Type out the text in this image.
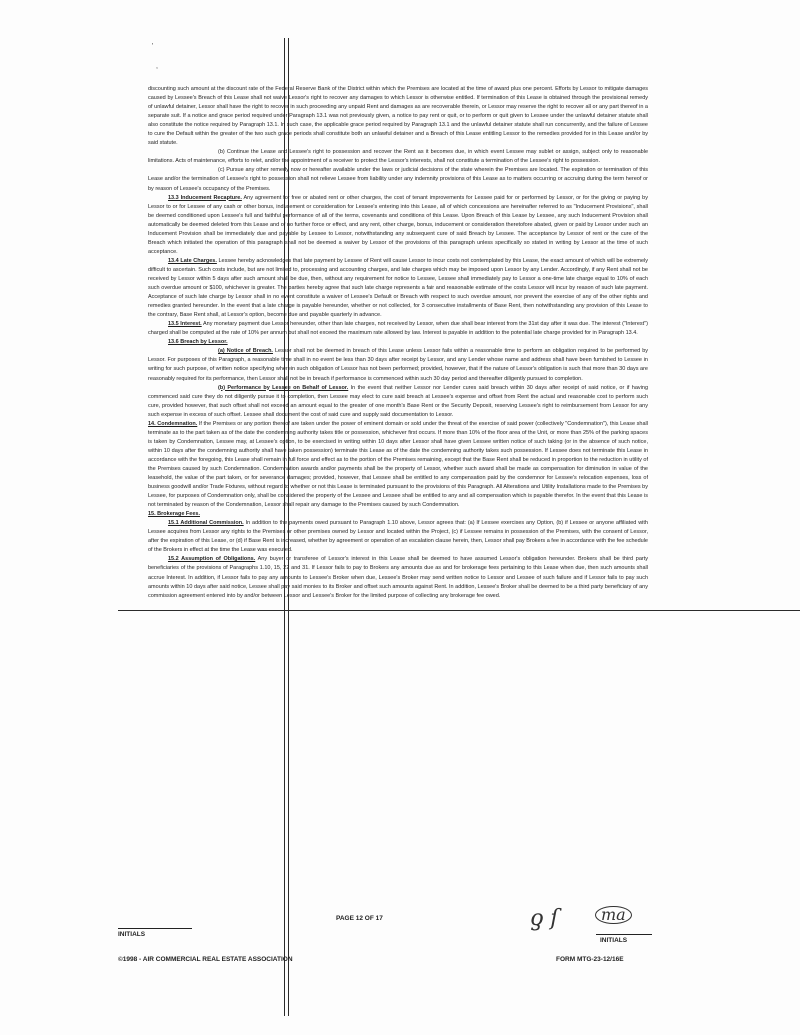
'
,

discounting such amount at the discount rate of the Federal Reserve Bank of the District within which the Premises are located at the time of award plus one percent. Efforts by Lessor to mitigate damages caused by Lessee's Breach of this Lease shall not waive Lessor's right to recover any damages to which Lessor is otherwise entitled. If termination of this Lease is obtained through the provisional remedy of unlawful detainer, Lessor shall have the right to recover in such proceeding any unpaid Rent and damages as are recoverable therein, or Lessor may reserve the right to recover all or any part thereof in a separate suit. If a notice and grace period required under Paragraph 13.1 was not previously given, a notice to pay rent or quit, or to perform or quit given to Lessee under the unlawful detainer statute shall also constitute the notice required by Paragraph 13.1. In such case, the applicable grace period required by Paragraph 13.1 and the unlawful detainer statute shall run concurrently, and the failure of Lessee to cure the Default within the greater of the two such grace periods shall constitute both an unlawful detainer and a Breach of this Lease entitling Lessor to the remedies provided for in this Lease and/or by said statute.

(b) Continue the Lease and Lessee's right to possession and recover the Rent as it becomes due, in which event Lessee may sublet or assign, subject only to reasonable limitations. Acts of maintenance, efforts to relet, and/or the appointment of a receiver to protect the Lessor's interests, shall not constitute a termination of the Lessee's right to possession.

(c) Pursue any other remedy now or hereafter available under the laws or judicial decisions of the state wherein the Premises are located. The expiration or termination of this Lease and/or the termination of Lessee's right to possession shall not relieve Lessee from liability under any indemnity provisions of this Lease as to matters occurring or accruing during the term hereof or by reason of Lessee's occupancy of the Premises.

13.3 Inducement Recapture. Any agreement for free or abated rent or other charges, the cost of tenant improvements for Lessee paid for or performed by Lessor, or for the giving or paying by Lessor to or for Lessee of any cash or other bonus, inducement or consideration for Lessee's entering into this Lease, all of which concessions are hereinafter referred to as "Inducement Provisions", shall be deemed conditioned upon Lessee's full and faithful performance of all of the terms, covenants and conditions of this Lease. Upon Breach of this Lease by Lessee, any such Inducement Provision shall automatically be deemed deleted from this Lease and of no further force or effect, and any rent, other charge, bonus, inducement or consideration theretofore abated, given or paid by Lessor under such an Inducement Provision shall be immediately due and payable by Lessee to Lessor, notwithstanding any subsequent cure of said Breach by Lessee. The acceptance by Lessor of rent or the cure of the Breach which initiated the operation of this paragraph shall not be deemed a waiver by Lessor of the provisions of this paragraph unless specifically so stated in writing by Lessor at the time of such acceptance.

13.4 Late Charges. Lessee hereby acknowledges that late payment by Lessee of Rent will cause Lessor to incur costs not contemplated by this Lease, the exact amount of which will be extremely difficult to ascertain. Such costs include, but are not limited to, processing and accounting charges, and late charges which may be imposed upon Lessor by any Lender. Accordingly, if any Rent shall not be received by Lessor within 5 days after such amount shall be due, then, without any requirement for notice to Lessee, Lessee shall immediately pay to Lessor a one-time late charge equal to 10% of each such overdue amount or $100, whichever is greater. The parties hereby agree that such late charge represents a fair and reasonable estimate of the costs Lessor will incur by reason of such late payment. Acceptance of such late charge by Lessor shall in no event constitute a waiver of Lessee's Default or Breach with respect to such overdue amount, nor prevent the exercise of any of the other rights and remedies granted hereunder. In the event that a late charge is payable hereunder, whether or not collected, for 3 consecutive installments of Base Rent, then notwithstanding any provision of this Lease to the contrary, Base Rent shall, at Lessor's option, become due and payable quarterly in advance.

13.5 Interest. Any monetary payment due Lessor hereunder, other than late charges, not received by Lessor, when due shall bear interest from the 31st day after it was due. The interest ("Interest") charged shall be computed at the rate of 10% per annum but shall not exceed the maximum rate allowed by law. Interest is payable in addition to the potential late charge provided for in Paragraph 13.4.

13.6 Breach by Lessor.

(a) Notice of Breach. Lessor shall not be deemed in breach of this Lease unless Lessor fails within a reasonable time to perform an obligation required to be performed by Lessor. For purposes of this Paragraph, a reasonable time shall in no event be less than 30 days after receipt by Lessor, and any Lender whose name and address shall have been furnished to Lessee in writing for such purpose, of written notice specifying wherein such obligation of Lessor has not been performed; provided, however, that if the nature of Lessor's obligation is such that more than 30 days are reasonably required for its performance, then Lessor shall not be in breach if performance is commenced within such 30 day period and thereafter diligently pursued to completion.

(b) Performance by Lessee on Behalf of Lessor. In the event that neither Lessor nor Lender cures said breach within 30 days after receipt of said notice, or if having commenced said cure they do not diligently pursue it to completion, then Lessee may elect to cure said breach at Lessee's expense and offset from Rent the actual and reasonable cost to perform such cure, provided however, that such offset shall not exceed an amount equal to the greater of one month's Base Rent or the Security Deposit, reserving Lessee's right to reimbursement from Lessor for any such expense in excess of such offset. Lessee shall document the cost of said cure and supply said documentation to Lessor.

14. Condemnation. If the Premises or any portion thereof are taken under the power of eminent domain or sold under the threat of the exercise of said power (collectively "Condemnation"), this Lease shall terminate as to the part taken as of the date the condemning authority takes title or possession, whichever first occurs. If more than 10% of the floor area of the Unit, or more than 25% of the parking spaces is taken by Condemnation, Lessee may, at Lessee's option, to be exercised in writing within 10 days after Lessor shall have given Lessee written notice of such taking (or in the absence of such notice, within 10 days after the condemning authority shall have taken possession) terminate this Lease as of the date the condemning authority takes such possession. If Lessee does not terminate this Lease in accordance with the foregoing, this Lease shall remain in full force and effect as to the portion of the Premises remaining, except that the Base Rent shall be reduced in proportion to the reduction in utility of the Premises caused by such Condemnation. Condemnation awards and/or payments shall be the property of Lessor, whether such award shall be made as compensation for diminution in value of the leasehold, the value of the part taken, or for severance damages; provided, however, that Lessee shall be entitled to any compensation paid by the condemnor for Lessee's relocation expenses, loss of business goodwill and/or Trade Fixtures, without regard to whether or not this Lease is terminated pursuant to the provisions of this Paragraph. All Alterations and Utility Installations made to the Premises by Lessee, for purposes of Condemnation only, shall be considered the property of the Lessee and Lessee shall be entitled to any and all compensation which is payable therefor. In the event that this Lease is not terminated by reason of the Condemnation, Lessor shall repair any damage to the Premises caused by such Condemnation.

15. Brokerage Fees.

15.1 Additional Commission. In addition to the payments owed pursuant to Paragraph 1.10 above, Lessor agrees that: (a) If Lessee exercises any Option, (b) if Lessee or anyone affiliated with Lessee acquires from Lessor any rights to the Premises or other premises owned by Lessor and located within the Project, (c) if Lessee remains in possession of the Premises, with the consent of Lessor, after the expiration of this Lease, or (d) if Base Rent is increased, whether by agreement or operation of an escalation clause herein, then, Lessor shall pay Brokers a fee in accordance with the fee schedule of the Brokers in effect at the time the Lease was executed.

15.2 Assumption of Obligations. Any buyer or transferee of Lessor's interest in this Lease shall be deemed to have assumed Lessor's obligation hereunder. Brokers shall be third party beneficiaries of the provisions of Paragraphs 1.10, 15, 22 and 31. If Lessor fails to pay to Brokers any amounts due as and for brokerage fees pertaining to this Lease when due, then such amounts shall accrue Interest. In addition, if Lessor fails to pay any amounts to Lessee's Broker when due, Lessee's Broker may send written notice to Lessor and Lessee of such failure and if Lessor fails to pay such amounts within 10 days after said notice, Lessee shall pay said monies to its Broker and offset such amounts against Rent. In addition, Lessee's Broker shall be deemed to be a third party beneficiary of any commission agreement entered into by and/or between Lessor and Lessee's Broker for the limited purpose of collecting any brokerage fee owed.

PAGE 12 OF 17
INITIALS
ƍ ſ	ma
INITIALS
©1998 - AIR COMMERCIAL REAL ESTATE ASSOCIATION	FORM MTG-23-12/16E
